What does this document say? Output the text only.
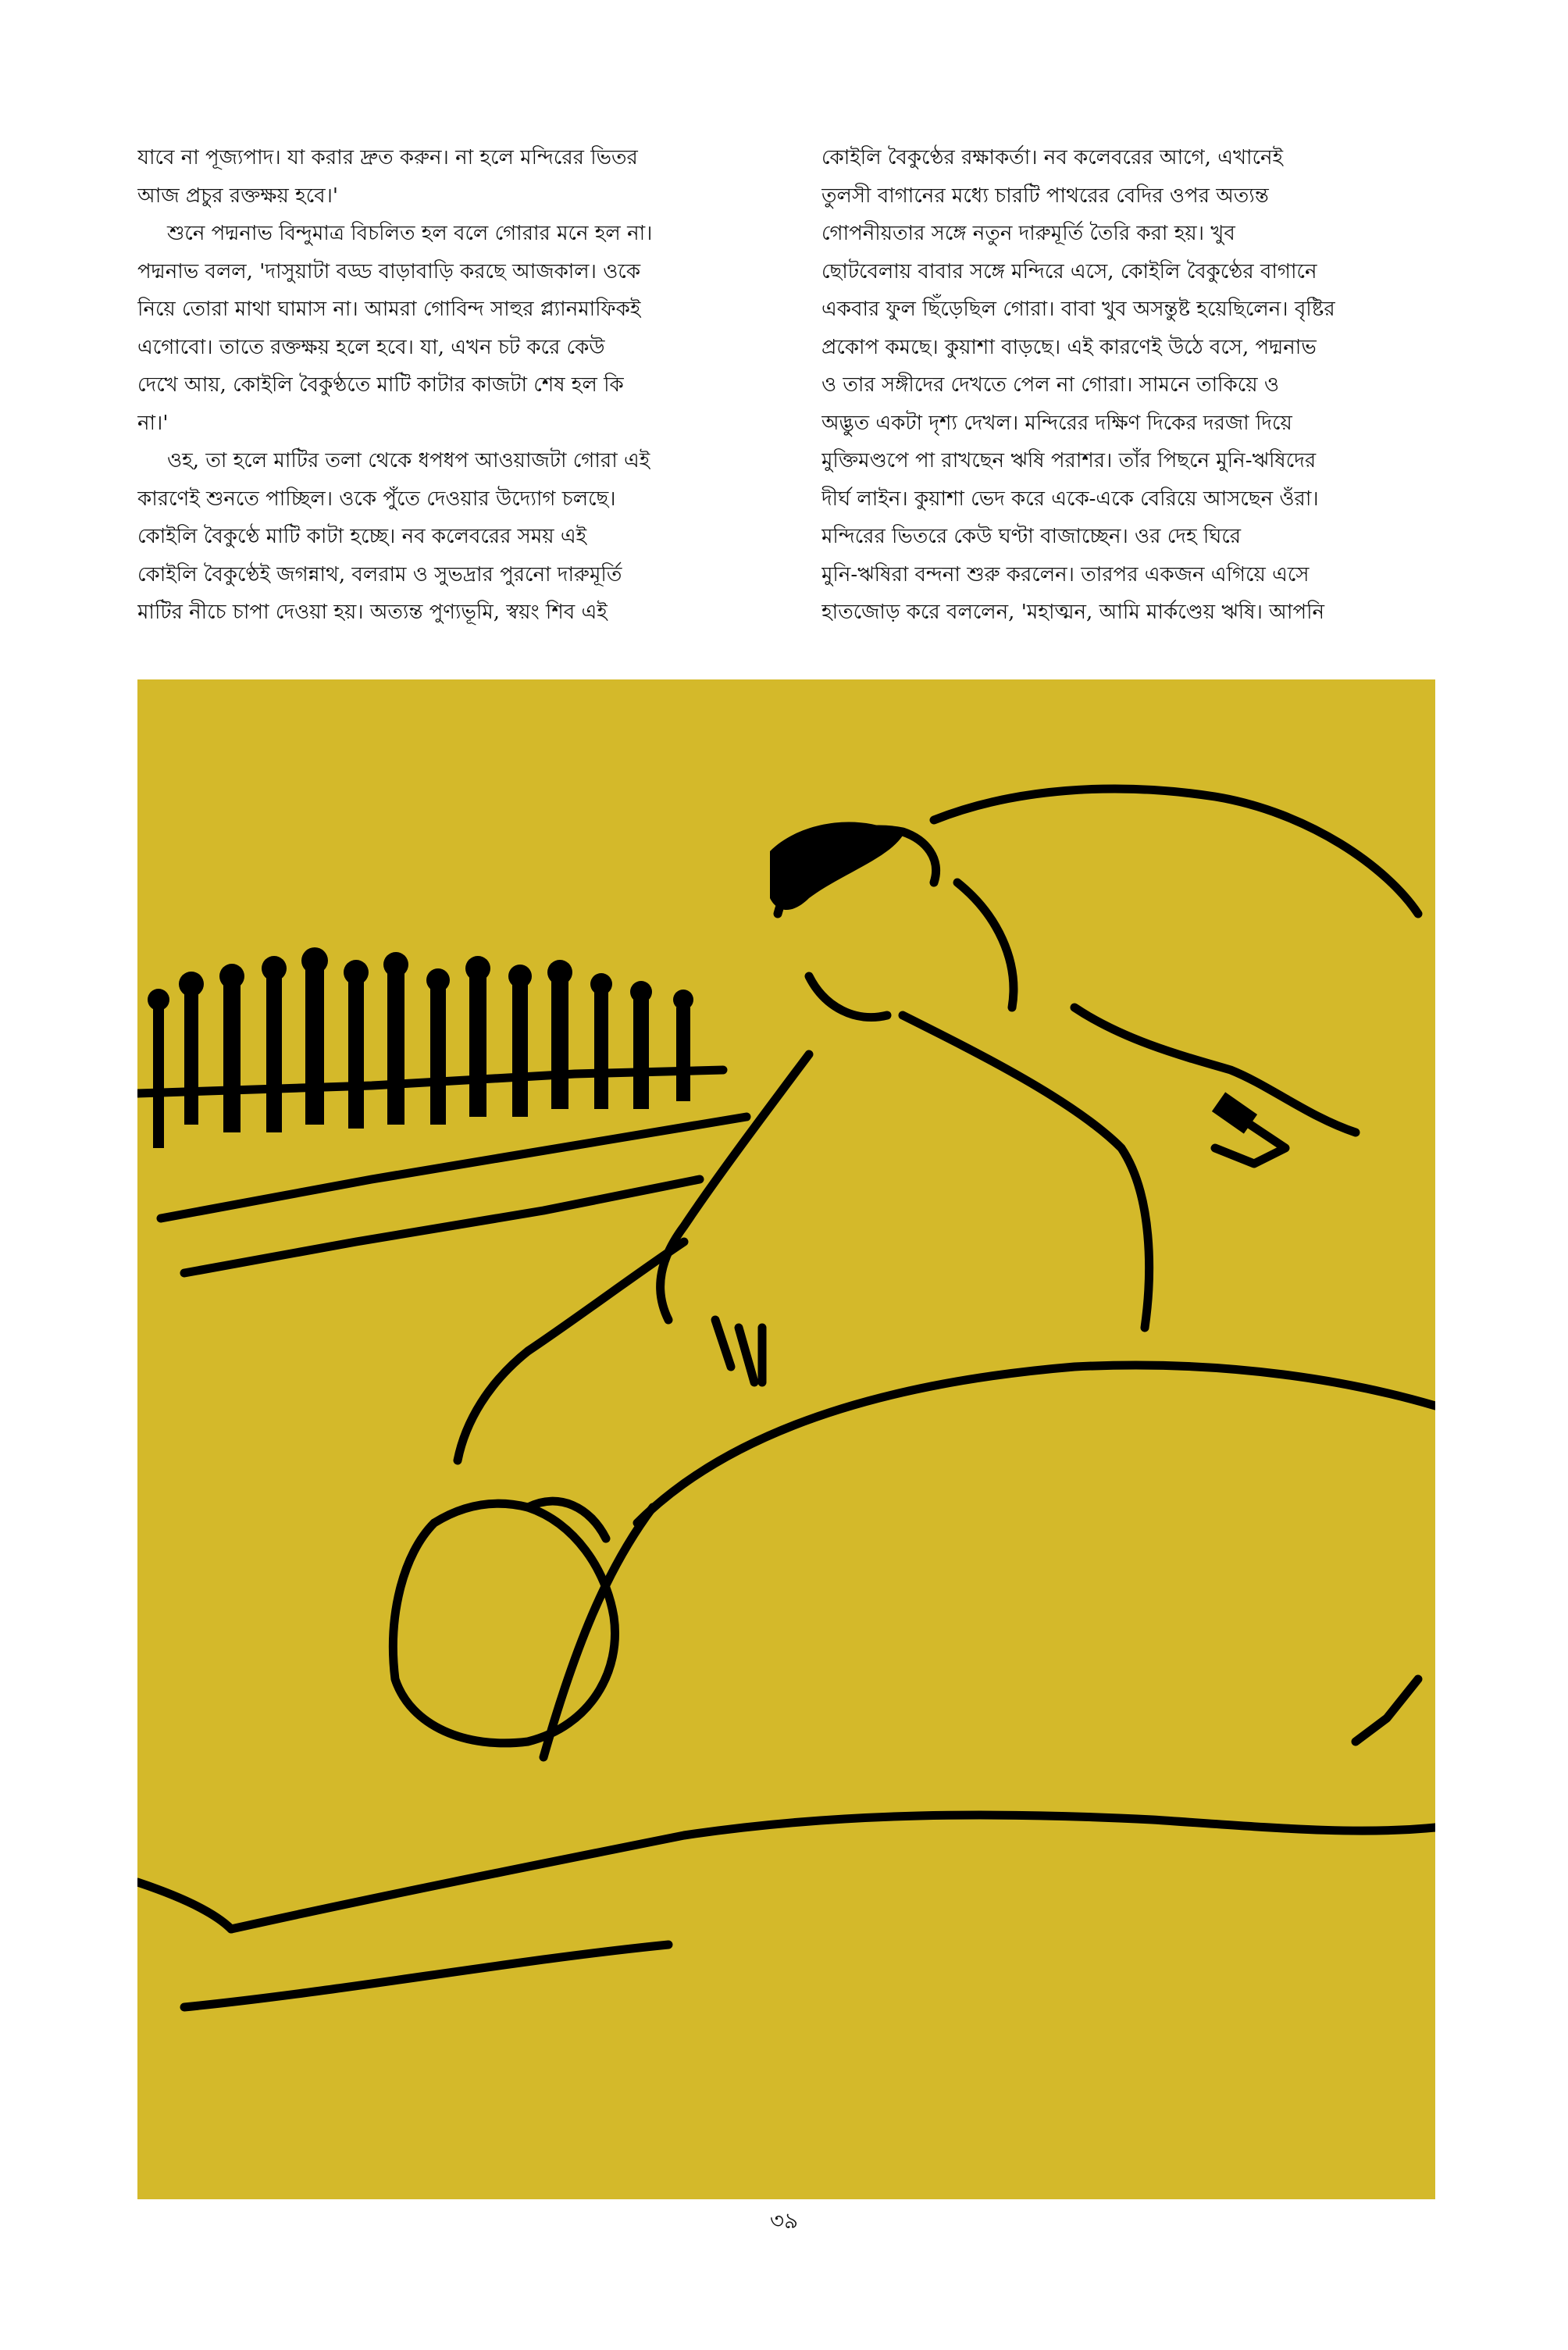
যাবে না পূজ্যপাদ। যা করার দ্রুত করুন। না হলে মন্দিরের ভিতর
আজ প্রচুর রক্তক্ষয় হবে।'
শুনে পদ্মনাভ বিন্দুমাত্র বিচলিত হল বলে গোরার মনে হল না।
পদ্মনাভ বলল, 'দাসুয়াটা বড্ড বাড়াবাড়ি করছে আজকাল। ওকে
নিয়ে তোরা মাথা ঘামাস না। আমরা গোবিন্দ সাহুর প্ল্যানমাফিকই
এগোবো। তাতে রক্তক্ষয় হলে হবে। যা, এখন চট করে কেউ
দেখে আয়, কোইলি বৈকুণ্ঠতে মাটি কাটার কাজটা শেষ হল কি
না।'
ওহ, তা হলে মাটির তলা থেকে ধপধপ আওয়াজটা গোরা এই
কারণেই শুনতে পাচ্ছিল। ওকে পুঁতে দেওয়ার উদ্যোগ চলছে।
কোইলি বৈকুণ্ঠে মাটি কাটা হচ্ছে। নব কলেবরের সময় এই
কোইলি বৈকুণ্ঠেই জগন্নাথ, বলরাম ও সুভদ্রার পুরনো দারুমূর্তি
মাটির নীচে চাপা দেওয়া হয়। অত্যন্ত পুণ্যভূমি, স্বয়ং শিব এই
কোইলি বৈকুণ্ঠের রক্ষাকর্তা। নব কলেবরের আগে, এখানেই
তুলসী বাগানের মধ্যে চারটি পাথরের বেদির ওপর অত্যন্ত
গোপনীয়তার সঙ্গে নতুন দারুমূর্তি তৈরি করা হয়। খুব
ছোটবেলায় বাবার সঙ্গে মন্দিরে এসে, কোইলি বৈকুণ্ঠের বাগানে
একবার ফুল ছিঁড়েছিল গোরা। বাবা খুব অসন্তুষ্ট হয়েছিলেন। বৃষ্টির
প্রকোপ কমছে। কুয়াশা বাড়ছে। এই কারণেই উঠে বসে, পদ্মনাভ
ও তার সঙ্গীদের দেখতে পেল না গোরা। সামনে তাকিয়ে ও
অদ্ভুত একটা দৃশ্য দেখল। মন্দিরের দক্ষিণ দিকের দরজা দিয়ে
মুক্তিমণ্ডপে পা রাখছেন ঋষি পরাশর। তাঁর পিছনে মুনি-ঋষিদের
দীর্ঘ লাইন। কুয়াশা ভেদ করে একে-একে বেরিয়ে আসছেন ওঁরা।
মন্দিরের ভিতরে কেউ ঘণ্টা বাজাচ্ছেন। ওর দেহ ঘিরে
মুনি-ঋষিরা বন্দনা শুরু করলেন। তারপর একজন এগিয়ে এসে
হাতজোড় করে বললেন, 'মহাত্মন, আমি মার্কণ্ডেয় ঋষি। আপনি
৩৯
